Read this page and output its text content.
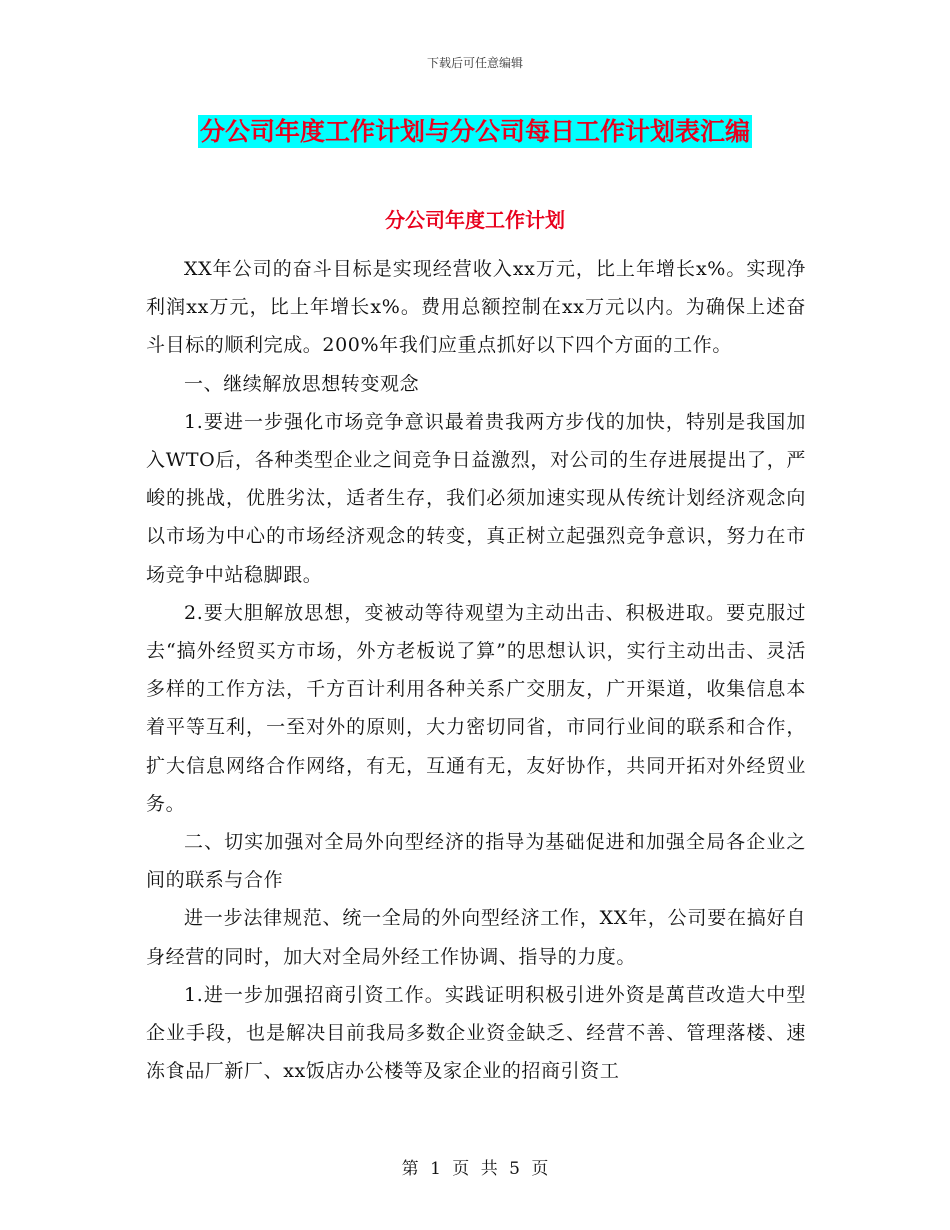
下载后可任意编辑
分公司年度工作计划与分公司每日工作计划表汇编
分公司年度工作计划

XX年公司的奋斗目标是实现经营收入xx万元，比上年增长x%。实现净利润xx万元，比上年增长x%。费用总额控制在xx万元以内。为确保上述奋斗目标的顺利完成。200%年我们应重点抓好以下四个方面的工作。

一、继续解放思想转变观念

1.要进一步强化市场竞争意识最着贵我两方步伐的加快，特别是我国加入WTO后，各种类型企业之间竞争日益激烈，对公司的生存进展提出了，严峻的挑战，优胜劣汰，适者生存，我们必须加速实现从传统计划经济观念向以市场为中心的市场经济观念的转变，真正树立起强烈竞争意识，努力在市场竞争中站稳脚跟。

2.要大胆解放思想，变被动等待观望为主动出击、积极进取。要克服过去“搞外经贸买方市场，外方老板说了算”的思想认识，实行主动出击、灵活多样的工作方法，千方百计利用各种关系广交朋友，广开渠道，收集信息本着平等互利，一至对外的原则，大力密切同省，市同行业间的联系和合作，扩大信息网络合作网络，有无，互通有无，友好协作，共同开拓对外经贸业务。

二、切实加强对全局外向型经济的指导为基础促进和加强全局各企业之间的联系与合作

进一步法律规范、统一全局的外向型经济工作，XX年，公司要在搞好自身经营的同时，加大对全局外经工作协调、指导的力度。

1.进一步加强招商引资工作。实践证明积极引进外资是萬苣改造大中型企业手段，也是解决目前我局多数企业资金缺乏、经营不善、管理落楼、速冻食品厂新厂、xx饭店办公楼等及家企业的招商引资工

第 1 页 共 5 页
